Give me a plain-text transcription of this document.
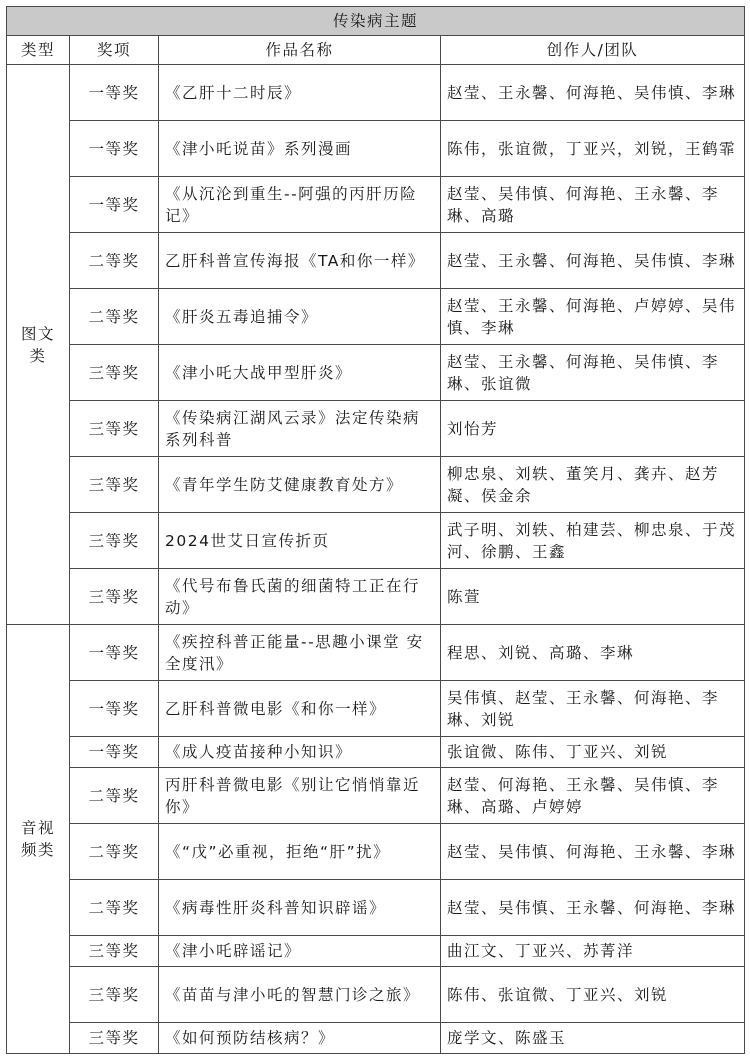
传染病主题			
类型	奖项	作品名称	创作人/团队

图文
类	一等奖	《乙肝十二时辰》	赵莹、王永馨、何海艳、吴伟慎、李琳
	一等奖	《津小吒说苗》系列漫画	陈伟，张谊微，丁亚兴，刘锐，王鹤霏
	一等奖	《从沉沦到重生--阿强的丙肝历险记》	赵莹、吴伟慎、何海艳、王永馨、李琳、高璐
	二等奖	乙肝科普宣传海报《TA和你一样》	赵莹、王永馨、何海艳、吴伟慎、李琳
	二等奖	《肝炎五毒追捕令》	赵莹、王永馨、何海艳、卢婷婷、吴伟慎、李琳
	三等奖	《津小吒大战甲型肝炎》	赵莹、王永馨、何海艳、吴伟慎、李琳、张谊微
	三等奖	《传染病江湖风云录》法定传染病系列科普	刘怡芳
	三等奖	《青年学生防艾健康教育处方》	柳忠泉、刘轶、董笑月、龚卉、赵芳凝、侯金余
	三等奖	2024世艾日宣传折页	武子明、刘轶、柏建芸、柳忠泉、于茂河、徐鹏、王鑫
	三等奖	《代号布鲁氏菌的细菌特工正在行动》	陈萱

音视
频类	一等奖	《疾控科普正能量--思趣小课堂 安全度汛》	程思、刘锐、高璐、李琳
	一等奖	乙肝科普微电影《和你一样》	吴伟慎、赵莹、王永馨、何海艳、李琳、刘锐
	一等奖	《成人疫苗接种小知识》	张谊微、陈伟、丁亚兴、刘锐
	二等奖	丙肝科普微电影《别让它悄悄靠近你》	赵莹、何海艳、王永馨、吴伟慎、李琳、高璐、卢婷婷
	二等奖	《“戊”必重视，拒绝“肝”扰》	赵莹、吴伟慎、何海艳、王永馨、李琳
	二等奖	《病毒性肝炎科普知识辟谣》	赵莹、吴伟慎、王永馨、何海艳、李琳
	三等奖	《津小吒辟谣记》	曲江文、丁亚兴、苏菁洋
	三等奖	《苗苗与津小吒的智慧门诊之旅》	陈伟、张谊微、丁亚兴、刘锐
	三等奖	《如何预防结核病？》	庞学文、陈盛玉
